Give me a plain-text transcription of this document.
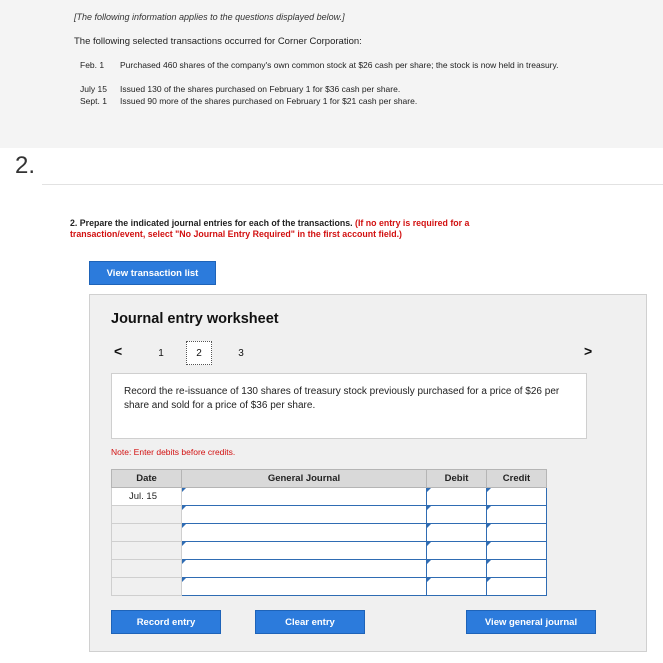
[The following information applies to the questions displayed below.]
The following selected transactions occurred for Corner Corporation:
Feb. 1 Purchased 460 shares of the company's own common stock at $26 cash per share; the stock is now held in treasury.
July 15 Issued 130 of the shares purchased on February 1 for $36 cash per share.
Sept. 1 Issued 90 more of the shares purchased on February 1 for $21 cash per share.
2.
2. Prepare the indicated journal entries for each of the transactions. (If no entry is required for a transaction/event, select "No Journal Entry Required" in the first account field.)
View transaction list
Journal entry worksheet
<	1	2	3	>
Record the re-issuance of 130 shares of treasury stock previously purchased for a price of $26 per share and sold for a price of $36 per share.
Note: Enter debits before credits.
Date	General Journal	Debit	Credit
Jul. 15			

Record entry	Clear entry	View general journal
